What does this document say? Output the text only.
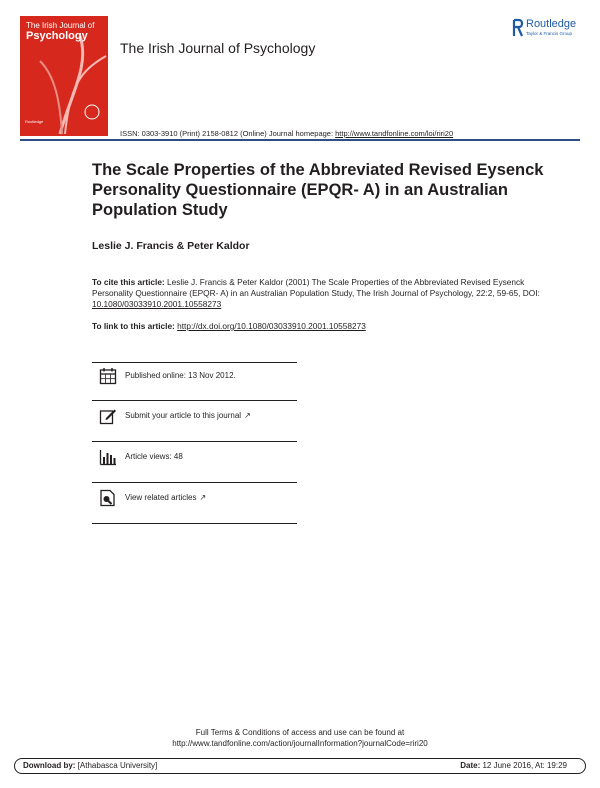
The Irish Journal of
Psychology
Routledge
The Irish Journal of Psychology
Routledge
Taylor & Francis Group
ISSN: 0303-3910 (Print) 2158-0812 (Online) Journal homepage: http://www.tandfonline.com/loi/riri20
The Scale Properties of the Abbreviated Revised Eysenck Personality Questionnaire (EPQR- A) in an Australian Population Study
Leslie J. Francis & Peter Kaldor
To cite this article: Leslie J. Francis & Peter Kaldor (2001) The Scale Properties of the Abbreviated Revised Eysenck Personality Questionnaire (EPQR- A) in an Australian Population Study, The Irish Journal of Psychology, 22:2, 59-65, DOI: 10.1080/03033910.2001.10558273
To link to this article: http://dx.doi.org/10.1080/03033910.2001.10558273
Published online: 13 Nov 2012.
Submit your article to this journal ↗
Article views: 48
View related articles ↗
Full Terms & Conditions of access and use can be found at
http://www.tandfonline.com/action/journalInformation?journalCode=riri20
Download by: [Athabasca University]	Date: 12 June 2016, At: 19:29
